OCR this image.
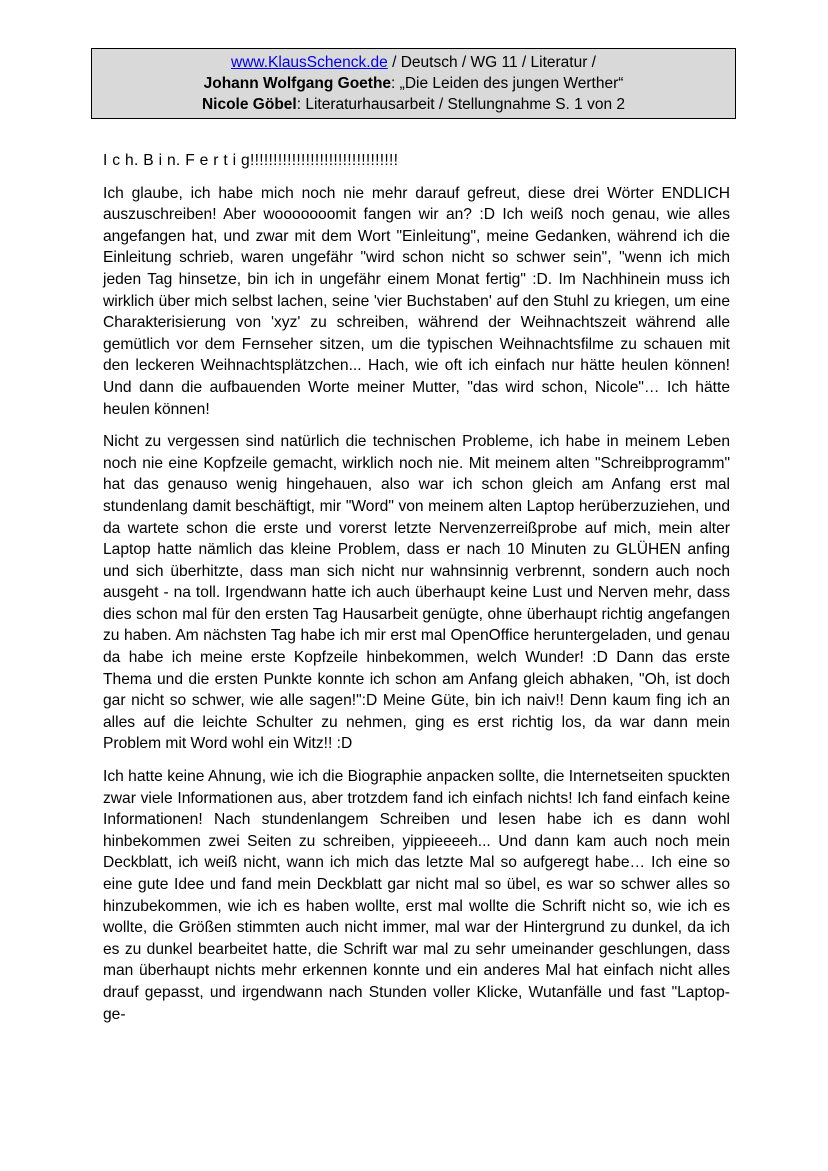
www.KlausSchenck.de / Deutsch / WG 11 / Literatur /
Johann Wolfgang Goethe: „Die Leiden des jungen Werther“
Nicole Göbel: Literaturhausarbeit / Stellungnahme S. 1 von 2

I c h. B i n. F e r t i g!!!!!!!!!!!!!!!!!!!!!!!!!!!!!!!!

Ich glaube, ich habe mich noch nie mehr darauf gefreut, diese drei Wörter ENDLICH auszuschreiben! Aber wooooooomit fangen wir an? :D Ich weiß noch genau, wie alles angefangen hat, und zwar mit dem Wort "Einleitung", meine Gedanken, während ich die Einleitung schrieb, waren ungefähr "wird schon nicht so schwer sein", "wenn ich mich jeden Tag hinsetze, bin ich in ungefähr einem Monat fertig" :D. Im Nachhinein muss ich wirklich über mich selbst lachen, seine 'vier Buchstaben' auf den Stuhl zu kriegen, um eine Charakterisierung von 'xyz' zu schreiben, während der Weihnachtszeit während alle gemütlich vor dem Fernseher sitzen, um die typischen Weihnachtsfilme zu schauen mit den leckeren Weihnachtsplätzchen... Hach, wie oft ich einfach nur hätte heulen können! Und dann die aufbauenden Worte meiner Mutter, "das wird schon, Nicole"… Ich hätte heulen können!

Nicht zu vergessen sind natürlich die technischen Probleme, ich habe in meinem Leben noch nie eine Kopfzeile gemacht, wirklich noch nie. Mit meinem alten "Schreibprogramm" hat das genauso wenig hingehauen, also war ich schon gleich am Anfang erst mal stundenlang damit beschäftigt, mir "Word" von meinem alten Laptop herüberzuziehen, und da wartete schon die erste und vorerst letzte Nervenzerreißprobe auf mich, mein alter Laptop hatte nämlich das kleine Problem, dass er nach 10 Minuten zu GLÜHEN anfing und sich überhitzte, dass man sich nicht nur wahnsinnig verbrennt, sondern auch noch ausgeht - na toll. Irgendwann hatte ich auch überhaupt keine Lust und Nerven mehr, dass dies schon mal für den ersten Tag Hausarbeit genügte, ohne überhaupt richtig angefangen zu haben. Am nächsten Tag habe ich mir erst mal OpenOffice heruntergeladen, und genau da habe ich meine erste Kopfzeile hinbekommen, welch Wunder! :D Dann das erste Thema und die ersten Punkte konnte ich schon am Anfang gleich abhaken, "Oh, ist doch gar nicht so schwer, wie alle sagen!":D Meine Güte, bin ich naiv!! Denn kaum fing ich an alles auf die leichte Schulter zu nehmen, ging es erst richtig los, da war dann mein Problem mit Word wohl ein Witz!! :D

Ich hatte keine Ahnung, wie ich die Biographie anpacken sollte, die Internetseiten spuckten zwar viele Informationen aus, aber trotzdem fand ich einfach nichts! Ich fand einfach keine Informationen! Nach stundenlangem Schreiben und lesen habe ich es dann wohl hinbekommen zwei Seiten zu schreiben, yippieeeeh... Und dann kam auch noch mein Deckblatt, ich weiß nicht, wann ich mich das letzte Mal so aufgeregt habe… Ich eine so eine gute Idee und fand mein Deckblatt gar nicht mal so übel, es war so schwer alles so hinzubekommen, wie ich es haben wollte, erst mal wollte die Schrift nicht so, wie ich es wollte, die Größen stimmten auch nicht immer, mal war der Hintergrund zu dunkel, da ich es zu dunkel bearbeitet hatte, die Schrift war mal zu sehr umeinander geschlungen, dass man überhaupt nichts mehr erkennen konnte und ein anderes Mal hat einfach nicht alles drauf gepasst, und irgendwann nach Stunden voller Klicke, Wutanfälle und fast "Laptop-ge-
